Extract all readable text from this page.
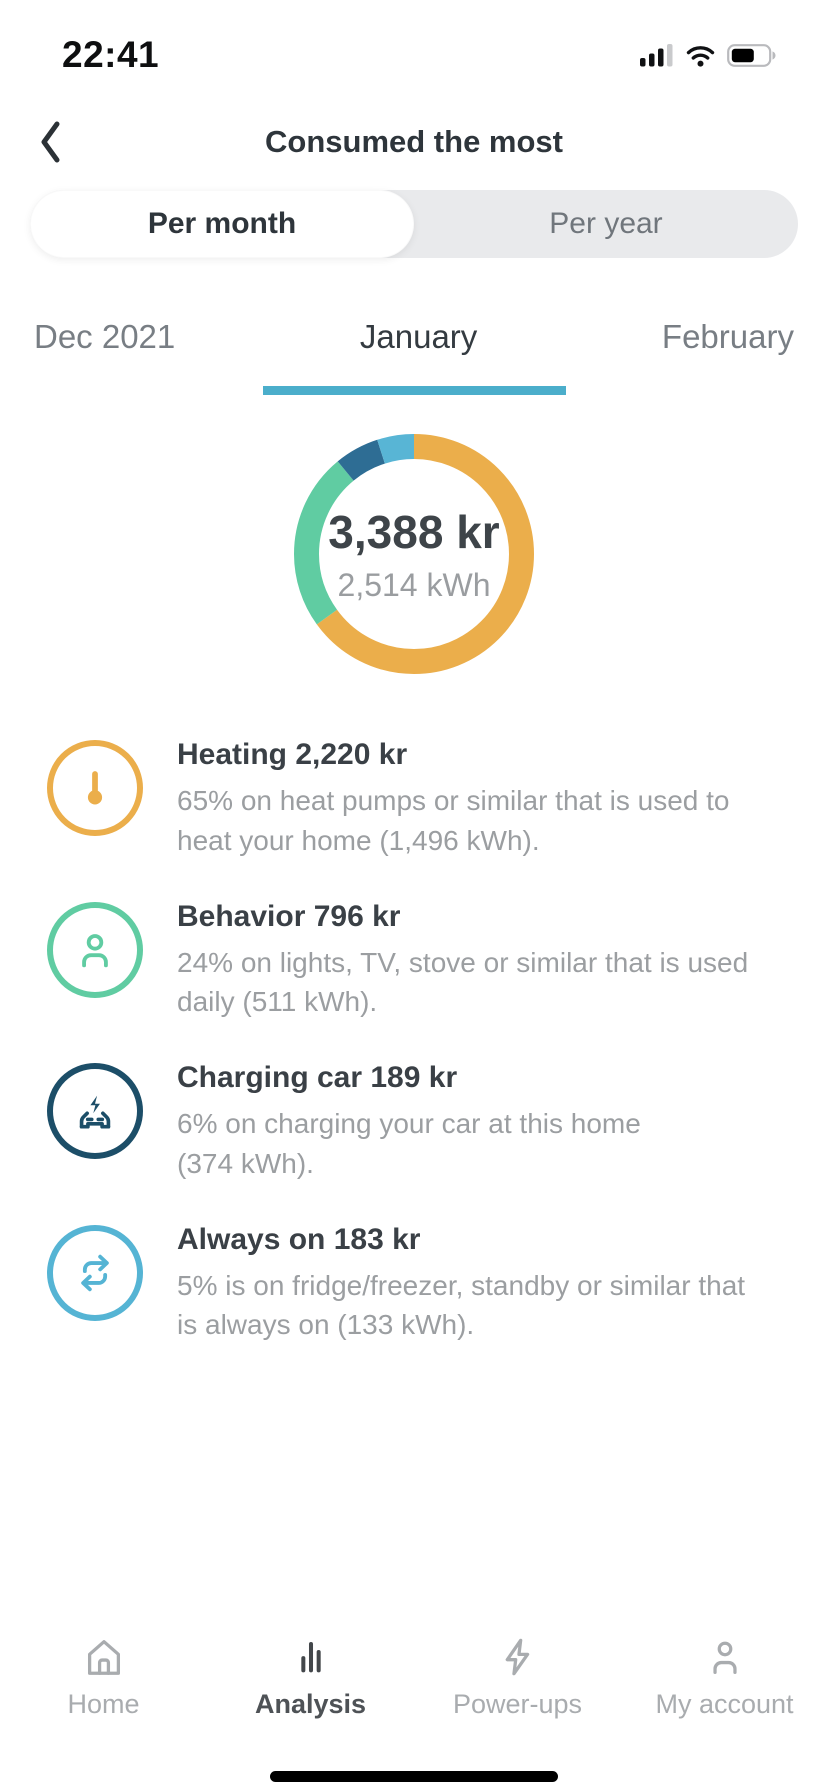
22:41
Consumed the most
Per month	Per year
Dec 2021	January	February
3,388 kr
2,514 kWh
Heating 2,220 kr
65% on heat pumps or similar that is used to heat your home (1,496 kWh).
Behavior 796 kr
24% on lights, TV, stove or similar that is used daily (511 kWh).
Charging car 189 kr
6% on charging your car at this home (374 kWh).
Always on 183 kr
5% is on fridge/freezer, standby or similar that is always on (133 kWh).
Home	Analysis	Power-ups	My account
